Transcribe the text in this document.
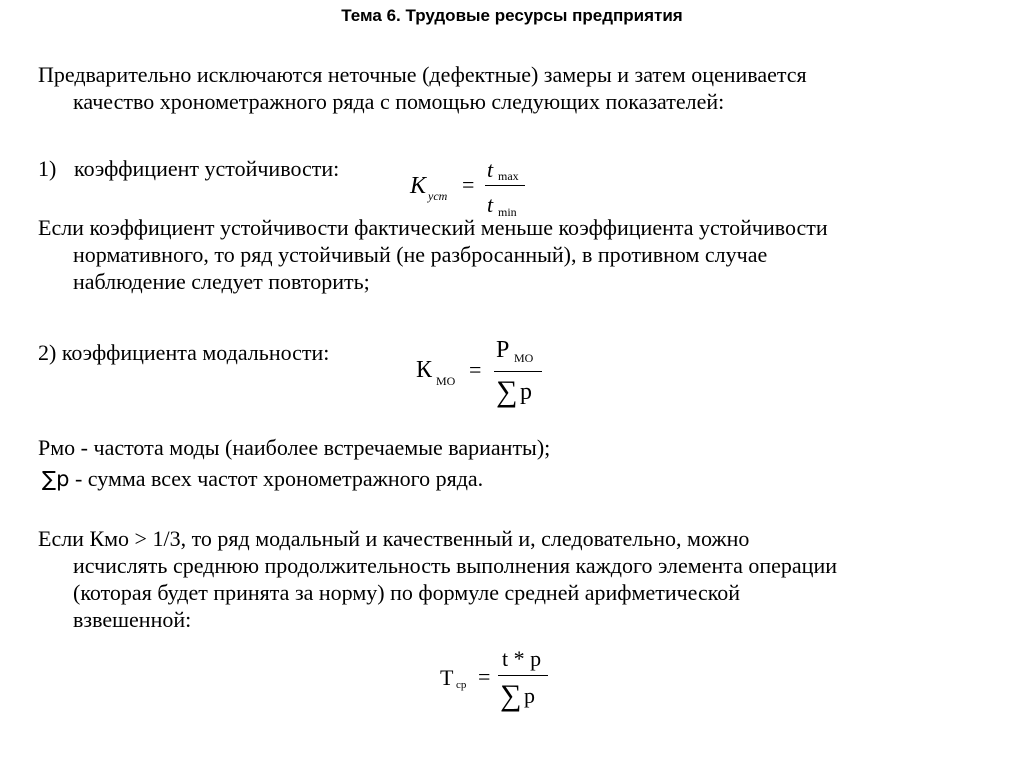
Тема 6. Трудовые ресурсы предприятия
Предварительно исключаются неточные (дефектные) замеры и затем оценивается
качество хронометражного ряда с помощью следующих показателей:
1) коэффициент устойчивости:
К уст =
t max
t min
Если коэффициент устойчивости фактический меньше коэффициента устойчивости
нормативного, то ряд устойчивый (не разбросанный), в противном случае
наблюдение следует повторить;
2) коэффициента модальности:
К МО =
Р МО
∑ p
Рмо - частота моды (наиболее встречаемые варианты);
∑p - сумма всех частот хронометражного ряда.
Если Кмо > 1/3, то ряд модальный и качественный и, следовательно, можно
исчислять среднюю продолжительность выполнения каждого элемента операции
(которая будет принята за норму) по формуле средней арифметической
взвешенной:
Т ср =
t * p
∑ p
